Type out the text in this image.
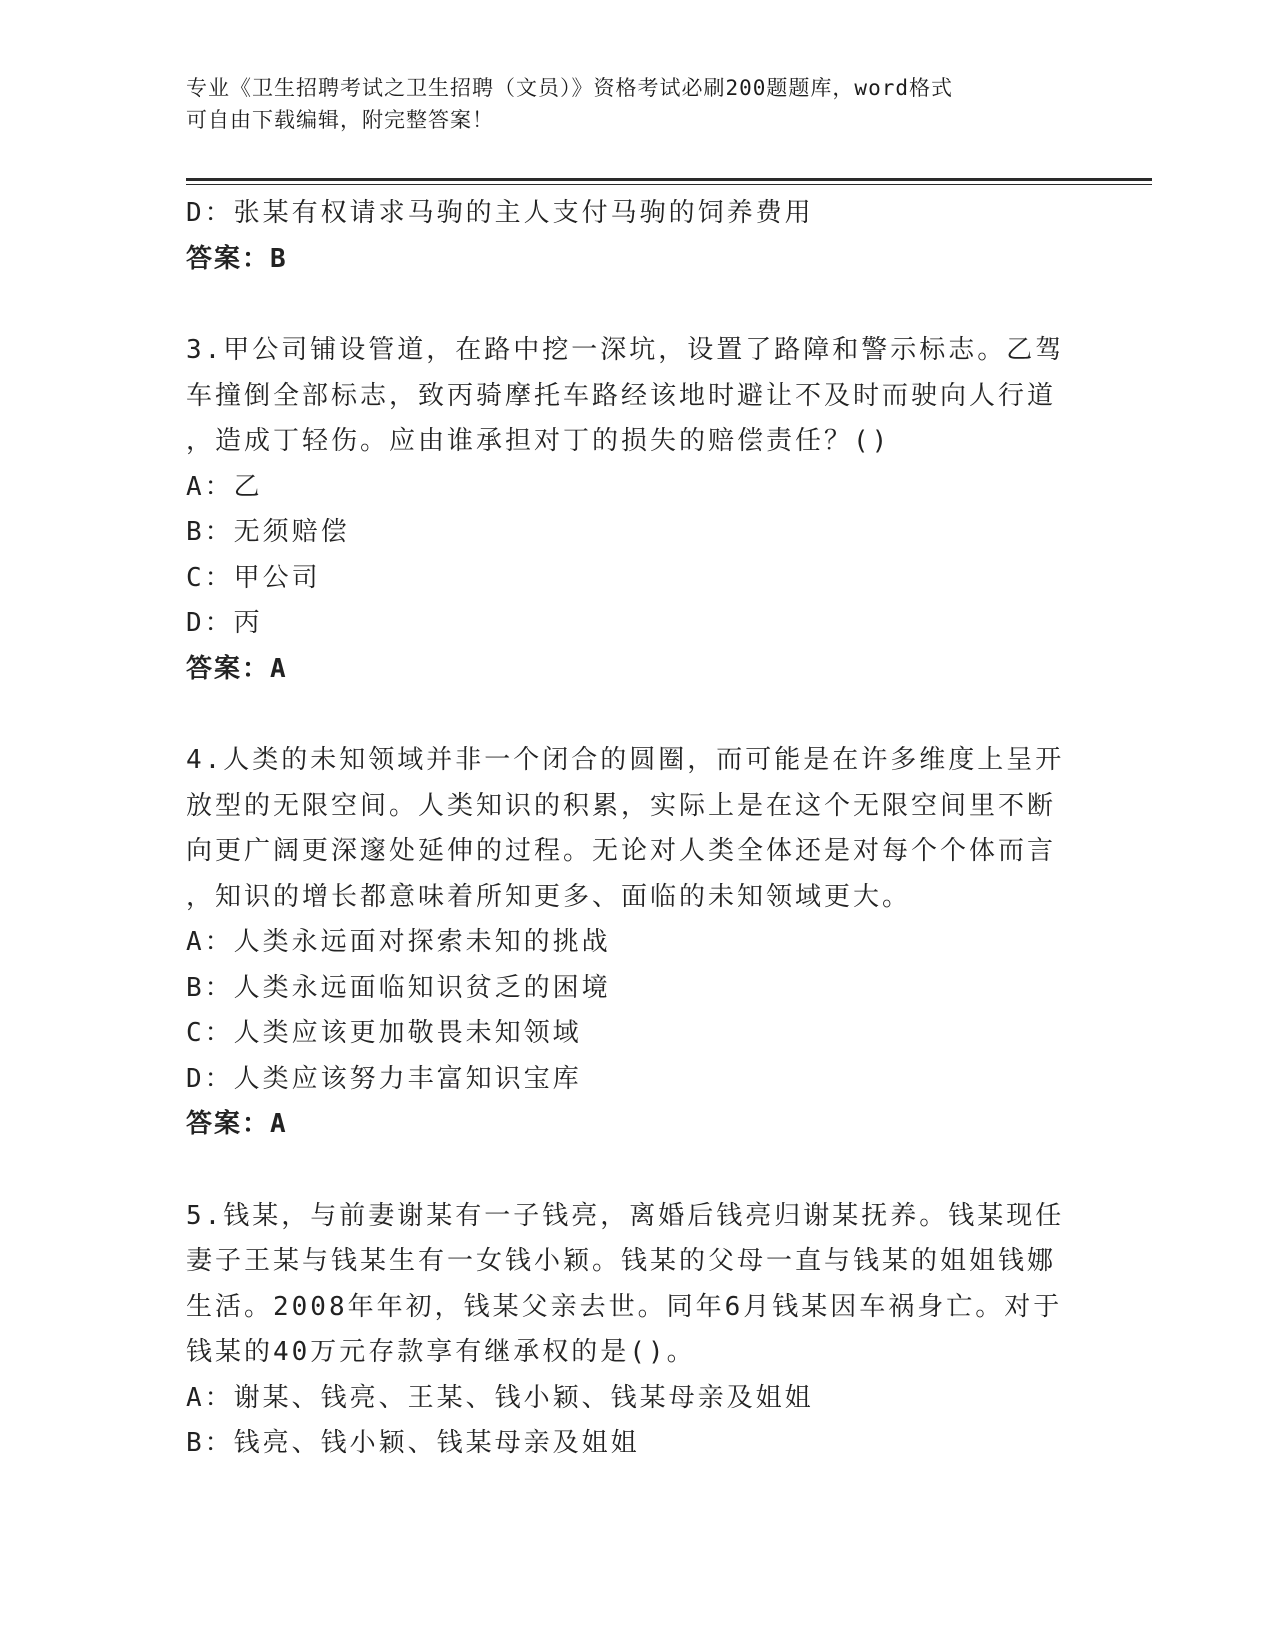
专业《卫生招聘考试之卫生招聘（文员）》资格考试必刷200题题库，word格式
可自由下载编辑，附完整答案！
D：张某有权请求马驹的主人支付马驹的饲养费用
答案：B
3.甲公司铺设管道，在路中挖一深坑，设置了路障和警示标志。乙驾
车撞倒全部标志，致丙骑摩托车路经该地时避让不及时而驶向人行道
，造成丁轻伤。应由谁承担对丁的损失的赔偿责任？()
A：乙
B：无须赔偿
C：甲公司
D：丙
答案：A
4.人类的未知领域并非一个闭合的圆圈，而可能是在许多维度上呈开
放型的无限空间。人类知识的积累，实际上是在这个无限空间里不断
向更广阔更深邃处延伸的过程。无论对人类全体还是对每个个体而言
，知识的增长都意味着所知更多、面临的未知领域更大。
A：人类永远面对探索未知的挑战
B：人类永远面临知识贫乏的困境
C：人类应该更加敬畏未知领域
D：人类应该努力丰富知识宝库
答案：A
5.钱某，与前妻谢某有一子钱亮，离婚后钱亮归谢某抚养。钱某现任
妻子王某与钱某生有一女钱小颖。钱某的父母一直与钱某的姐姐钱娜
生活。2008年年初，钱某父亲去世。同年6月钱某因车祸身亡。对于
钱某的40万元存款享有继承权的是()。
A：谢某、钱亮、王某、钱小颖、钱某母亲及姐姐
B：钱亮、钱小颖、钱某母亲及姐姐
